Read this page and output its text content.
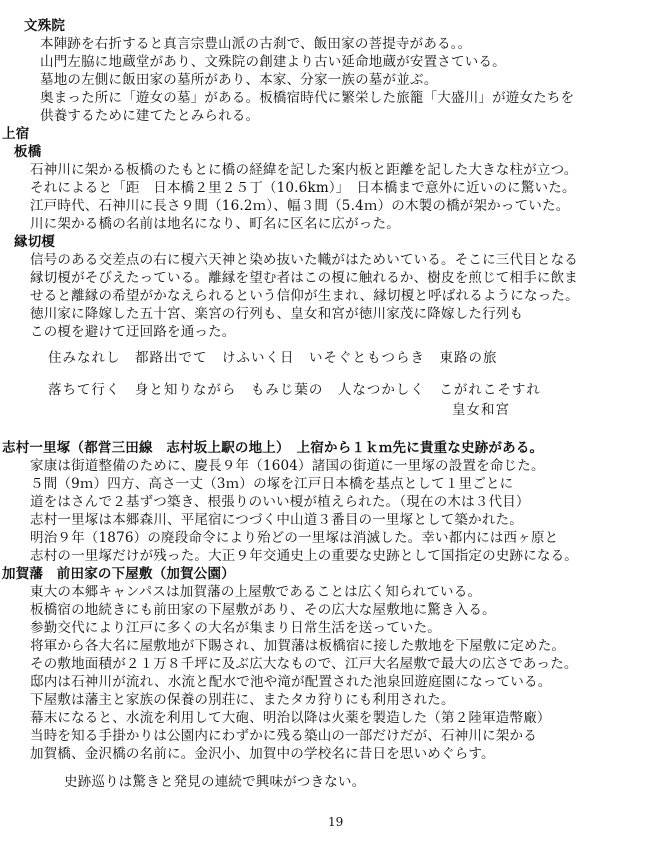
文殊院
本陣跡を右折すると真言宗豊山派の古刹で、飯田家の菩提寺がある。。
山門左脇に地蔵堂があり、文殊院の創建より古い延命地蔵が安置さている。
墓地の左側に飯田家の墓所があり、本家、分家一族の墓が並ぶ。
奥まった所に「遊女の墓」がある。板橋宿時代に繁栄した旅籠「大盛川」が遊女たちを
供養するために建てたとみられる。
上宿
板橋
石神川に架かる板橋のたもとに橋の経緯を記した案内板と距離を記した大きな柱が立つ。
それによると「距　日本橋２里２５丁（10.6km）」　日本橋まで意外に近いのに驚いた。
江戸時代、石神川に長さ９間（16.2ｍ）、幅３間（5.4ｍ）の木製の橋が架かっていた。
川に架かる橋の名前は地名になり、町名に区名に広がった。
縁切榎
信号のある交差点の右に榎六天神と染め抜いた幟がはためいている。そこに三代目となる
縁切榎がそびえたっている。離縁を望む者はこの榎に触れるか、樹皮を煎じて相手に飲ま
せると離縁の希望がかなえられるという信仰が生まれ、縁切榎と呼ばれるようになった。
徳川家に降嫁した五十宮、楽宮の行列も、皇女和宮が徳川家茂に降嫁した行列も
この榎を避けて迂回路を通った。
住みなれし　都路出でて　けふいく日　いそぐともつらき　東路の旅
落ちて行く　身と知りながら　もみじ葉の　人なつかしく　こがれこそすれ
皇女和宮
志村一里塚（都営三田線　志村坂上駅の地上）　上宿から１ｋｍ先に貴重な史跡がある。
家康は街道整備のために、慶長９年（1604）諸国の街道に一里塚の設置を命じた。
５間（9ｍ）四方、高さ一丈（3ｍ）の塚を江戸日本橋を基点として１里ごとに
道をはさんで２基ずつ築き、根張りのいい榎が植えられた。（現在の木は３代目）
志村一里塚は本郷森川、平尾宿につづく中山道３番目の一里塚として築かれた。
明治９年（1876）の廃段命令により殆どの一里塚は消滅した。幸い都内には西ヶ原と
志村の一里塚だけが残った。大正９年交通史上の重要な史跡として国指定の史跡になる。
加賀藩　前田家の下屋敷（加賀公園）
東大の本郷キャンパスは加賀藩の上屋敷であることは広く知られている。
板橋宿の地続きにも前田家の下屋敷があり、その広大な屋敷地に驚き入る。
参勤交代により江戸に多くの大名が集まり日常生活を送っていた。
将軍から各大名に屋敷地が下賜され、加賀藩は板橋宿に接した敷地を下屋敷に定めた。
その敷地面積が２１万８千坪に及ぶ広大なもので、江戸大名屋敷で最大の広さであった。
邸内は石神川が流れ、水流と配水で池や滝が配置された池泉回遊庭園になっている。
下屋敷は藩主と家族の保養の別荘に、またタカ狩りにも利用された。
幕末になると、水流を利用して大砲、明治以降は火薬を製造した（第２陸軍造幣廠）
当時を知る手掛かりは公園内にわずかに残る築山の一部だけだが、石神川に架かる
加賀橋、金沢橋の名前に。金沢小、加賀中の学校名に昔日を思いめぐらす。
史跡巡りは驚きと発見の連続で興味がつきない。
19
